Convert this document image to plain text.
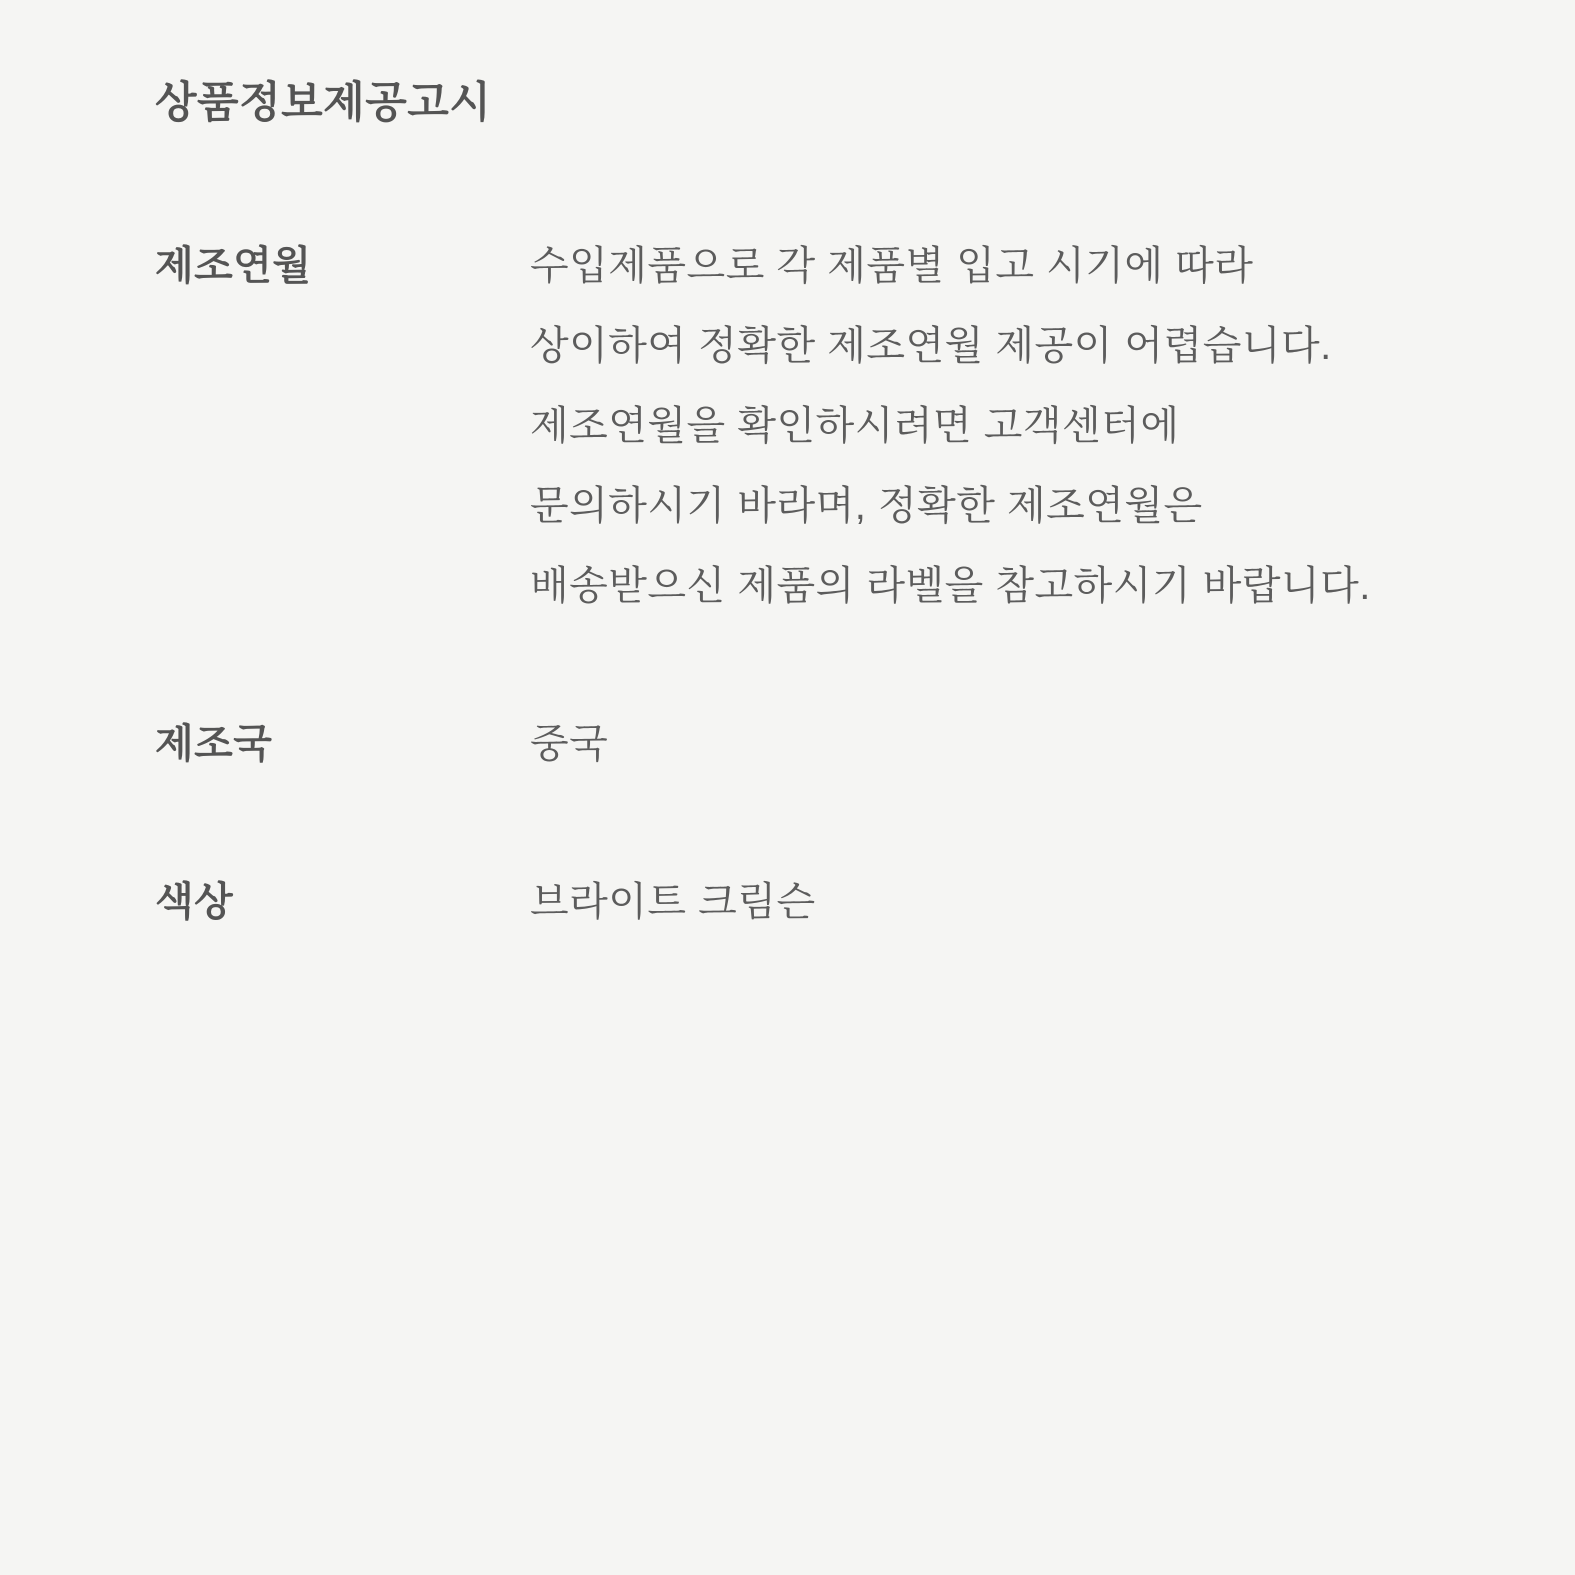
상품정보제공고시
제조연월	수입제품으로 각 제품별 입고 시기에 따라
상이하여 정확한 제조연월 제공이 어렵습니다.
제조연월을 확인하시려면 고객센터에
문의하시기 바라며, 정확한 제조연월은
배송받으신 제품의 라벨을 참고하시기 바랍니다.
제조국	중국
색상	브라이트 크림슨
